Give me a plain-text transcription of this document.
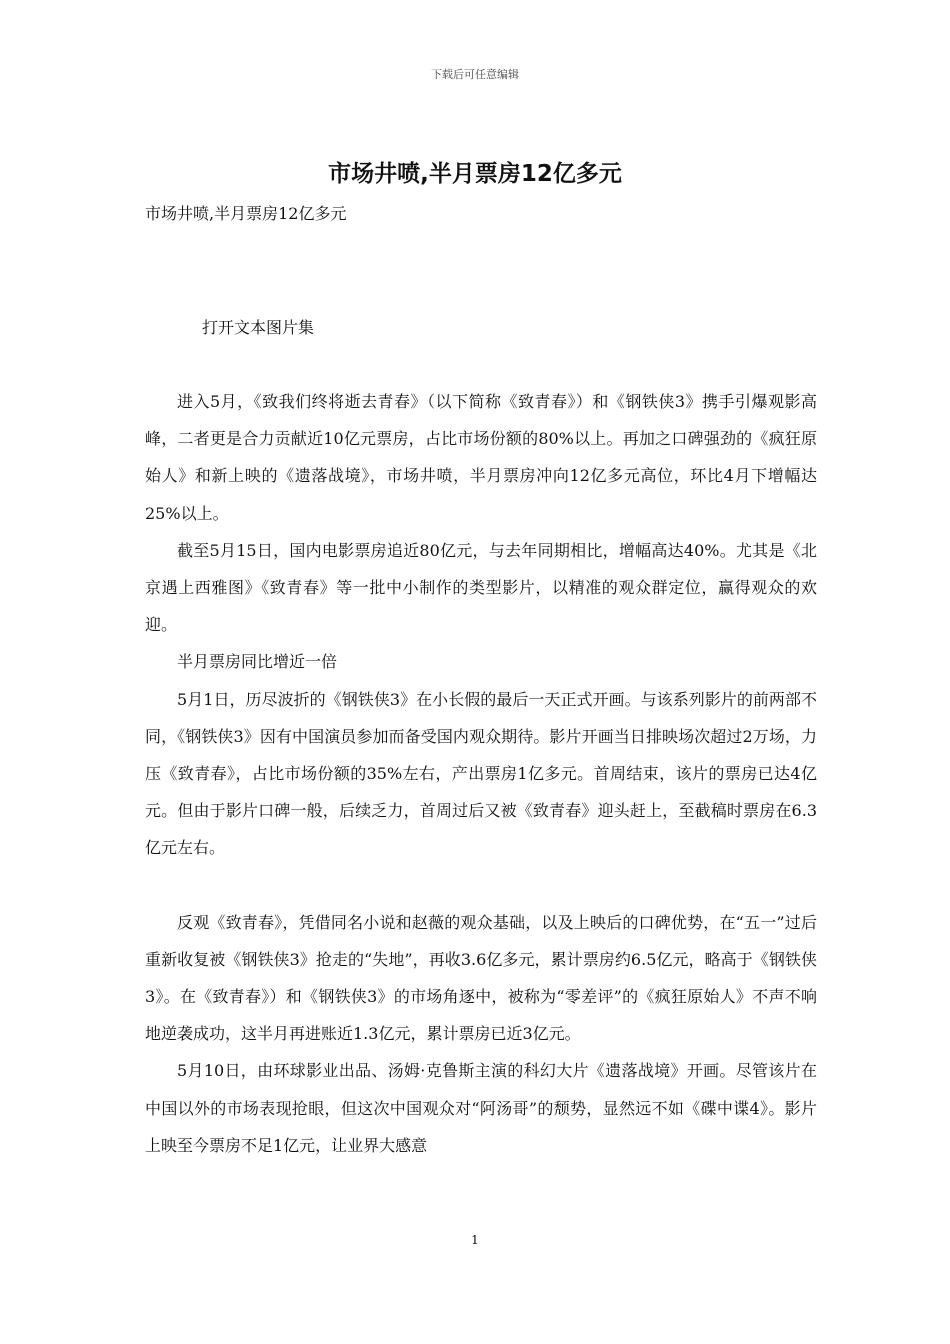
下载后可任意编辑
市场井喷,半月票房12亿多元
市场井喷,半月票房12亿多元
打开文本图片集

进入5月，《致我们终将逝去青春》（以下简称《致青春》）和《钢铁侠3》携手引爆观影高峰，二者更是合力贡献近10亿元票房，占比市场份额的80%以上。再加之口碑强劲的《疯狂原始人》和新上映的《遗落战境》，市场井喷，半月票房冲向12亿多元高位，环比4月下增幅达25%以上。

截至5月15日，国内电影票房追近80亿元，与去年同期相比，增幅高达40%。尤其是《北京遇上西雅图》《致青春》等一批中小制作的类型影片，以精准的观众群定位，赢得观众的欢迎。

半月票房同比增近一倍

5月1日，历尽波折的《钢铁侠3》在小长假的最后一天正式开画。与该系列影片的前两部不同，《钢铁侠3》因有中国演员参加而备受国内观众期待。影片开画当日排映场次超过2万场，力压《致青春》，占比市场份额的35%左右，产出票房1亿多元。首周结束，该片的票房已达4亿元。但由于影片口碑一般，后续乏力，首周过后又被《致青春》迎头赶上，至截稿时票房在6.3亿元左右。

反观《致青春》，凭借同名小说和赵薇的观众基础，以及上映后的口碑优势，在“五一”过后重新收复被《钢铁侠3》抢走的“失地”，再收3.6亿多元，累计票房约6.5亿元，略高于《钢铁侠3》。在《致青春》）和《钢铁侠3》的市场角逐中，被称为“零差评”的《疯狂原始人》不声不响地逆袭成功，这半月再进账近1.3亿元，累计票房已近3亿元。

5月10日，由环球影业出品、汤姆·克鲁斯主演的科幻大片《遗落战境》开画。尽管该片在中国以外的市场表现抢眼，但这次中国观众对“阿汤哥”的颓势，显然远不如《碟中谍4》。影片上映至今票房不足1亿元，让业界大感意

1
